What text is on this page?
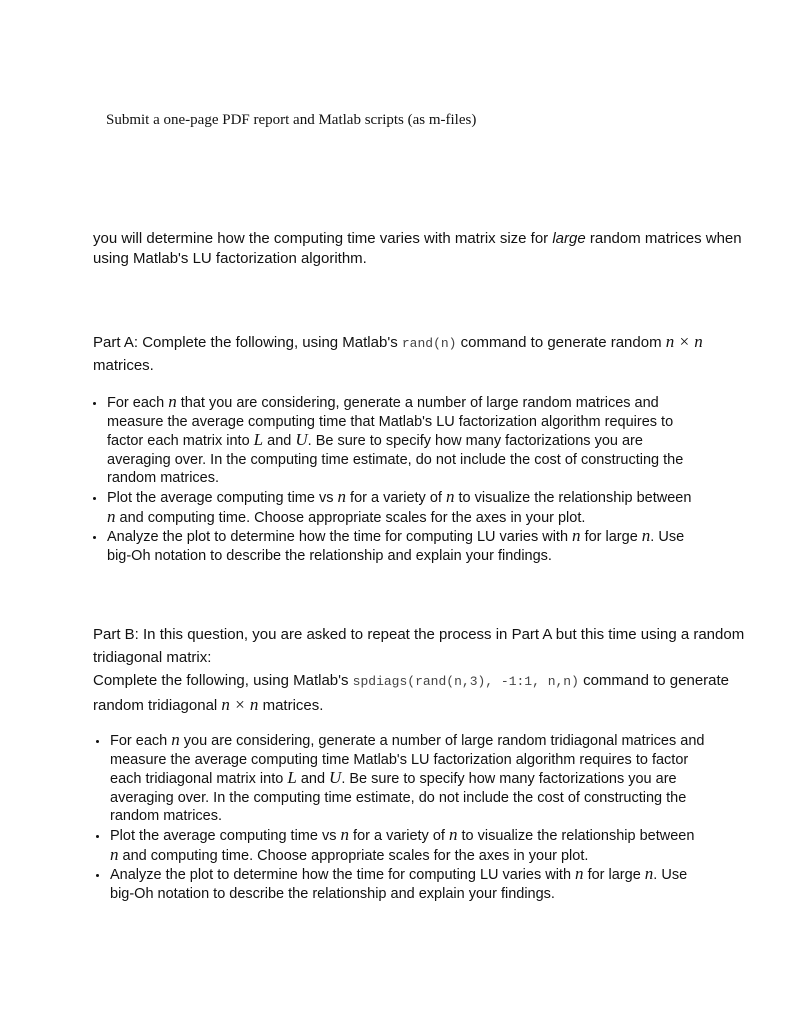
Submit a one-page PDF report and Matlab scripts (as m-files)
you will determine how the computing time varies with matrix size for large random matrices when using Matlab's LU factorization algorithm.
Part A: Complete the following, using Matlab's rand(n) command to generate random n × n matrices.
For each n that you are considering, generate a number of large random matrices and measure the average computing time that Matlab's LU factorization algorithm requires to factor each matrix into L and U. Be sure to specify how many factorizations you are averaging over. In the computing time estimate, do not include the cost of constructing the random matrices.
Plot the average computing time vs n for a variety of n to visualize the relationship between n and computing time. Choose appropriate scales for the axes in your plot.
Analyze the plot to determine how the time for computing LU varies with n for large n. Use big-Oh notation to describe the relationship and explain your findings.
Part B: In this question, you are asked to repeat the process in Part A but this time using a random tridiagonal matrix:
Complete the following, using Matlab's spdiags(rand(n,3), -1:1, n,n) command to generate random tridiagonal n × n matrices.
For each n you are considering, generate a number of large random tridiagonal matrices and measure the average computing time Matlab's LU factorization algorithm requires to factor each tridiagonal matrix into L and U. Be sure to specify how many factorizations you are averaging over. In the computing time estimate, do not include the cost of constructing the random matrices.
Plot the average computing time vs n for a variety of n to visualize the relationship between n and computing time. Choose appropriate scales for the axes in your plot.
Analyze the plot to determine how the time for computing LU varies with n for large n. Use big-Oh notation to describe the relationship and explain your findings.
